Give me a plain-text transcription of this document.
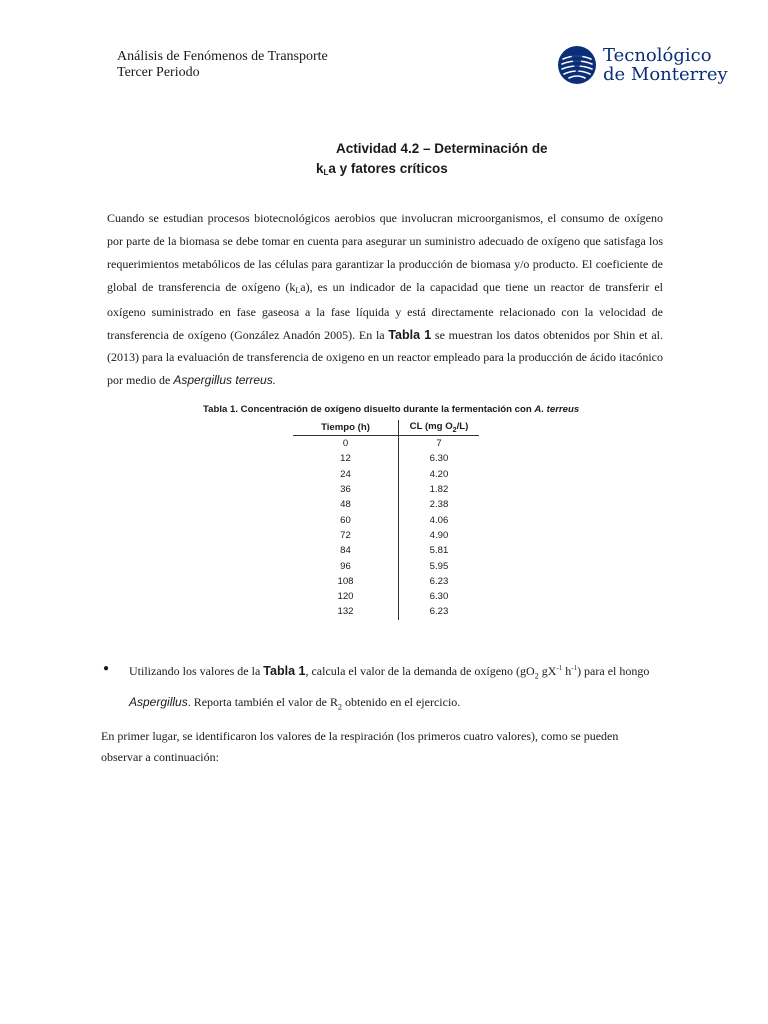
Análisis de Fenómenos de Transporte
Tercer Periodo
Tecnológico
de Monterrey
Actividad 4.2 – Determinación de
$k_La$ y fatores críticos

Cuando se estudian procesos biotecnológicos aerobios que involucran microorganismos, el consumo de oxígeno por parte de la biomasa se debe tomar en cuenta para asegurar un suministro adecuado de oxígeno que satisfaga los requerimientos metabólicos de las células para garantizar la producción de biomasa y/o producto. El coeficiente de global de transferencia de oxígeno $(k_La)$, es un indicador de la capacidad que tiene un reactor de transferir el oxígeno suministrado en fase gaseosa a la fase líquida y está directamente relacionado con la velocidad de transferencia de oxígeno (González Anadón 2005). En la Tabla 1 se muestran los datos obtenidos por Shin et al. (2013) para la evaluación de transferencia de oxigeno en un reactor empleado para la producción de ácido itacónico por medio de Aspergillus terreus.

Tabla 1. Concentración de oxígeno disuelto durante la fermentación con A. terreus
Tiempo (h)	CL (mg $O_2/L$)
0	7
12	6.30
24	4.20
36	1.82
48	2.38
60	4.06
72	4.90
84	5.81
96	5.95
108	6.23
120	6.30
132	6.23
● Utilizando los valores de la Tabla 1, calcula el valor de la demanda de oxígeno ($gO_2$ $gX^{-1}$ $h^{-1}$) para el hongo Aspergillus. Reporta también el valor de $R_2$ obtenido en el ejercicio.
En primer lugar, se identificaron los valores de la respiración (los primeros cuatro valores), como se pueden observar a continuación:
